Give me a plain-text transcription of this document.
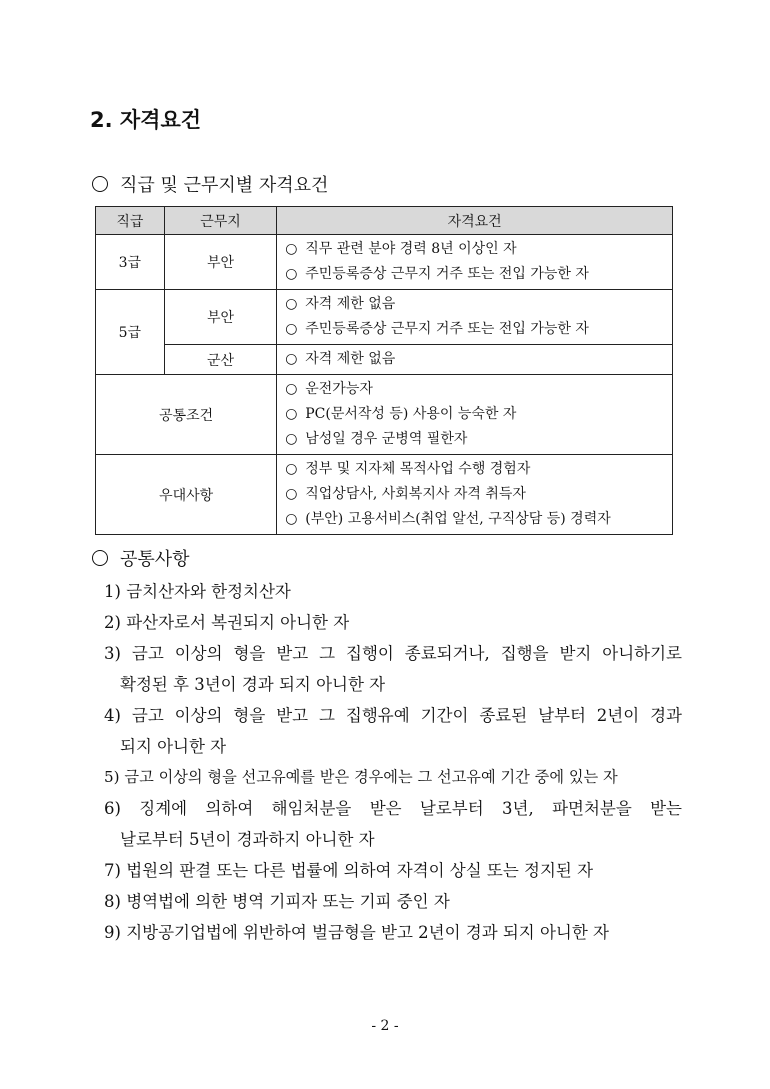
2. 자격요건
직급 및 근무지별 자격요건
직급	근무지	자격요건
3급	부안	○ 직무 관련 분야 경력 8년 이상인 자
○ 주민등록증상 근무지 거주 또는 전입 가능한 자

5급	부안	○ 자격 제한 없음
○ 주민등록증상 근무지 거주 또는 전입 가능한 자

	군산	○ 자격 제한 없음

공통조건		○ 운전가능자
○ PC(문서작성 등) 사용이 능숙한 자
○ 남성일 경우 군병역 필한자

우대사항		○ 정부 및 지자체 목적사업 수행 경험자
○ 직업상담사, 사회복지사 자격 취득자
○ (부안) 고용서비스(취업 알선, 구직상담 등) 경력자
공통사항
1) 금치산자와 한정치산자
2) 파산자로서 복권되지 아니한 자
3) 금고 이상의 형을 받고 그 집행이 종료되거나, 집행을 받지 아니하기로
확정된 후 3년이 경과 되지 아니한 자
4) 금고 이상의 형을 받고 그 집행유예 기간이 종료된 날부터 2년이 경과
되지 아니한 자
5) 금고 이상의 형을 선고유예를 받은 경우에는 그 선고유예 기간 중에 있는 자
6) 징계에 의하여 해임처분을 받은 날로부터 3년, 파면처분을 받는
날로부터 5년이 경과하지 아니한 자
7) 법원의 판결 또는 다른 법률에 의하여 자격이 상실 또는 정지된 자
8) 병역법에 의한 병역 기피자 또는 기피 중인 자
9) 지방공기업법에 위반하여 벌금형을 받고 2년이 경과 되지 아니한 자
- 2 -
